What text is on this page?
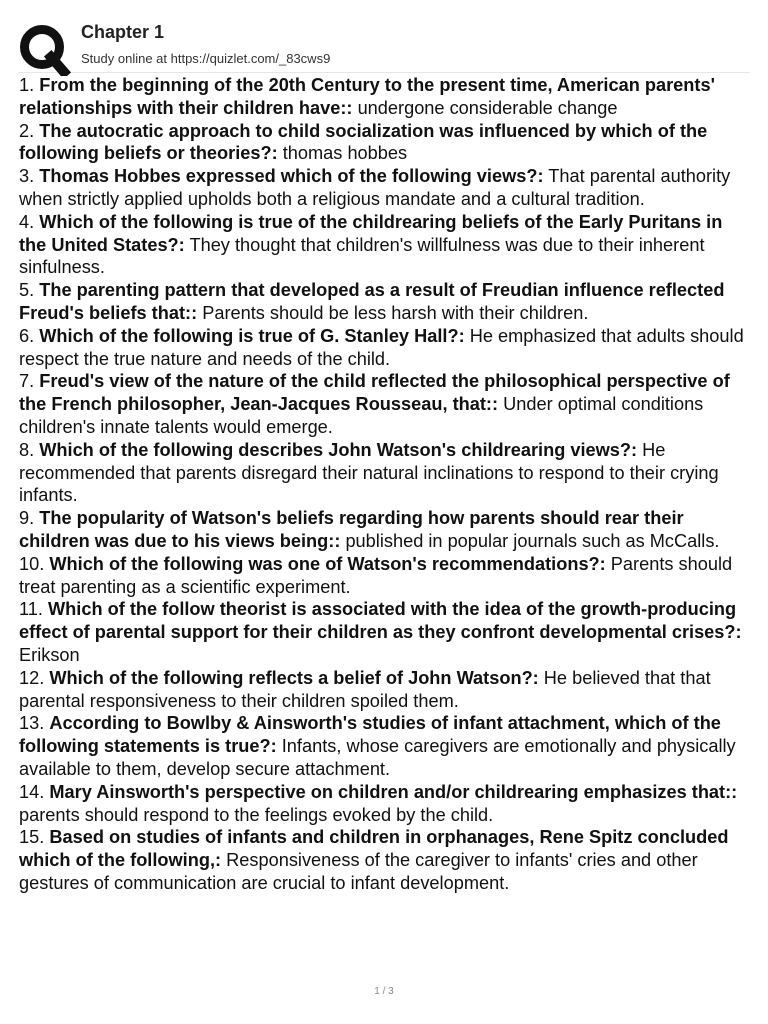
Chapter 1
Study online at https://quizlet.com/_83cws9

1. From the beginning of the 20th Century to the present time, American parents' relationships with their children have:: undergone considerable change

2. The autocratic approach to child socialization was influenced by which of the following beliefs or theories?: thomas hobbes

3. Thomas Hobbes expressed which of the following views?: That parental authority when strictly applied upholds both a religious mandate and a cultural tradition.

4. Which of the following is true of the childrearing beliefs of the Early Puritans in the United States?: They thought that children's willfulness was due to their inherent sinfulness.

5. The parenting pattern that developed as a result of Freudian influence reflected Freud's beliefs that:: Parents should be less harsh with their children.

6. Which of the following is true of G. Stanley Hall?: He emphasized that adults should respect the true nature and needs of the child.

7. Freud's view of the nature of the child reflected the philosophical perspective of the French philosopher, Jean-Jacques Rousseau, that:: Under optimal conditions children's innate talents would emerge.

8. Which of the following describes John Watson's childrearing views?: He recommended that parents disregard their natural inclinations to respond to their crying infants.

9. The popularity of Watson's beliefs regarding how parents should rear their children was due to his views being:: published in popular journals such as McCalls.

10. Which of the following was one of Watson's recommendations?: Parents should treat parenting as a scientific experiment.

11. Which of the follow theorist is associated with the idea of the growth-producing effect of parental support for their children as they confront developmental crises?: Erikson

12. Which of the following reflects a belief of John Watson?: He believed that that parental responsiveness to their children spoiled them.

13. According to Bowlby & Ainsworth's studies of infant attachment, which of the following statements is true?: Infants, whose caregivers are emotionally and physically available to them, develop secure attachment.

14. Mary Ainsworth's perspective on children and/or childrearing emphasizes that:: parents should respond to the feelings evoked by the child.

15. Based on studies of infants and children in orphanages, Rene Spitz concluded which of the following,: Responsiveness of the caregiver to infants' cries and other gestures of communication are crucial to infant development.

1 / 3
